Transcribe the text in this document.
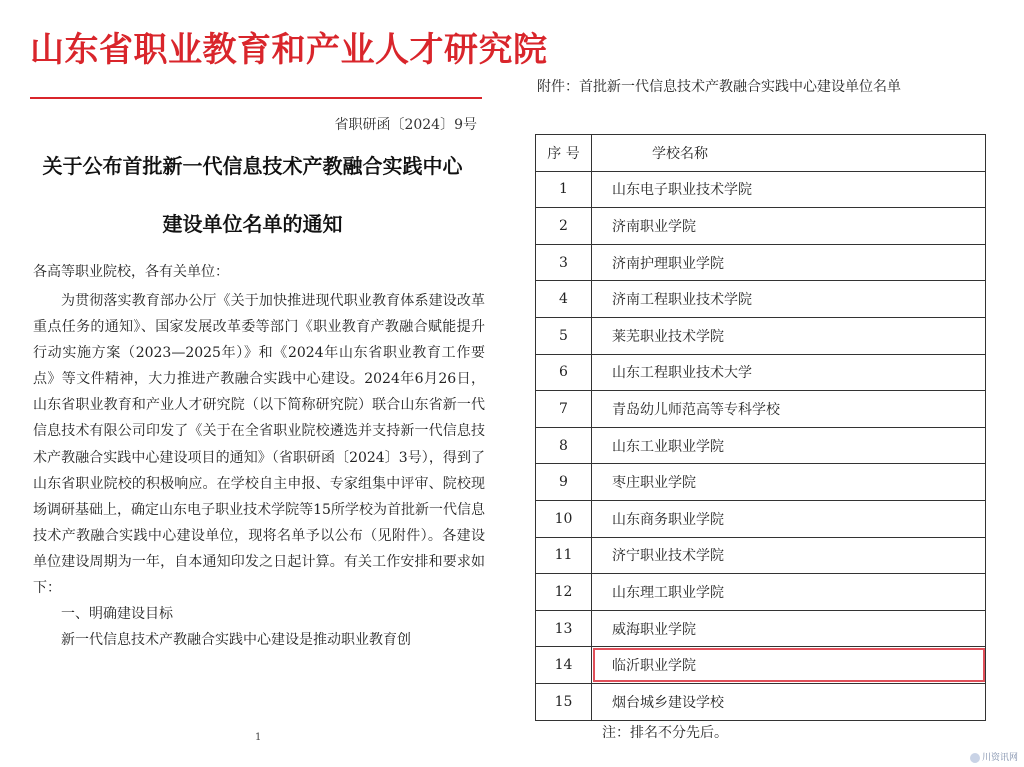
山东省职业教育和产业人才研究院
省职研函〔2024〕9号
关于公布首批新一代信息技术产教融合实践中心
建设单位名单的通知
各高等职业院校，各有关单位：

为贯彻落实教育部办公厅《关于加快推进现代职业教育体系建设改革重点任务的通知》、国家发展改革委等部门《职业教育产教融合赋能提升行动实施方案（2023—2025年）》和《2024年山东省职业教育工作要点》等文件精神，大力推进产教融合实践中心建设。2024年6月26日，山东省职业教育和产业人才研究院（以下简称研究院）联合山东省新一代信息技术有限公司印发了《关于在全省职业院校遴选并支持新一代信息技术产教融合实践中心建设项目的通知》（省职研函〔2024〕3号），得到了山东省职业院校的积极响应。在学校自主申报、专家组集中评审、院校现场调研基础上，确定山东电子职业技术学院等15所学校为首批新一代信息技术产教融合实践中心建设单位，现将名单予以公布（见附件）。各建设单位建设周期为一年，自本通知印发之日起计算。有关工作安排和要求如下：

一、明确建设目标

新一代信息技术产教融合实践中心建设是推动职业教育创

1
附件：首批新一代信息技术产教融合实践中心建设单位名单
序 号	学校名称
1	山东电子职业技术学院
2	济南职业学院
3	济南护理职业学院
4	济南工程职业技术学院
5	莱芜职业技术学院
6	山东工程职业技术大学
7	青岛幼儿师范高等专科学校
8	山东工业职业学院
9	枣庄职业学院
10	山东商务职业学院
11	济宁职业技术学院
12	山东理工职业学院
13	威海职业学院
14	临沂职业学院
15	烟台城乡建设学校
注：排名不分先后。
川资讯网
